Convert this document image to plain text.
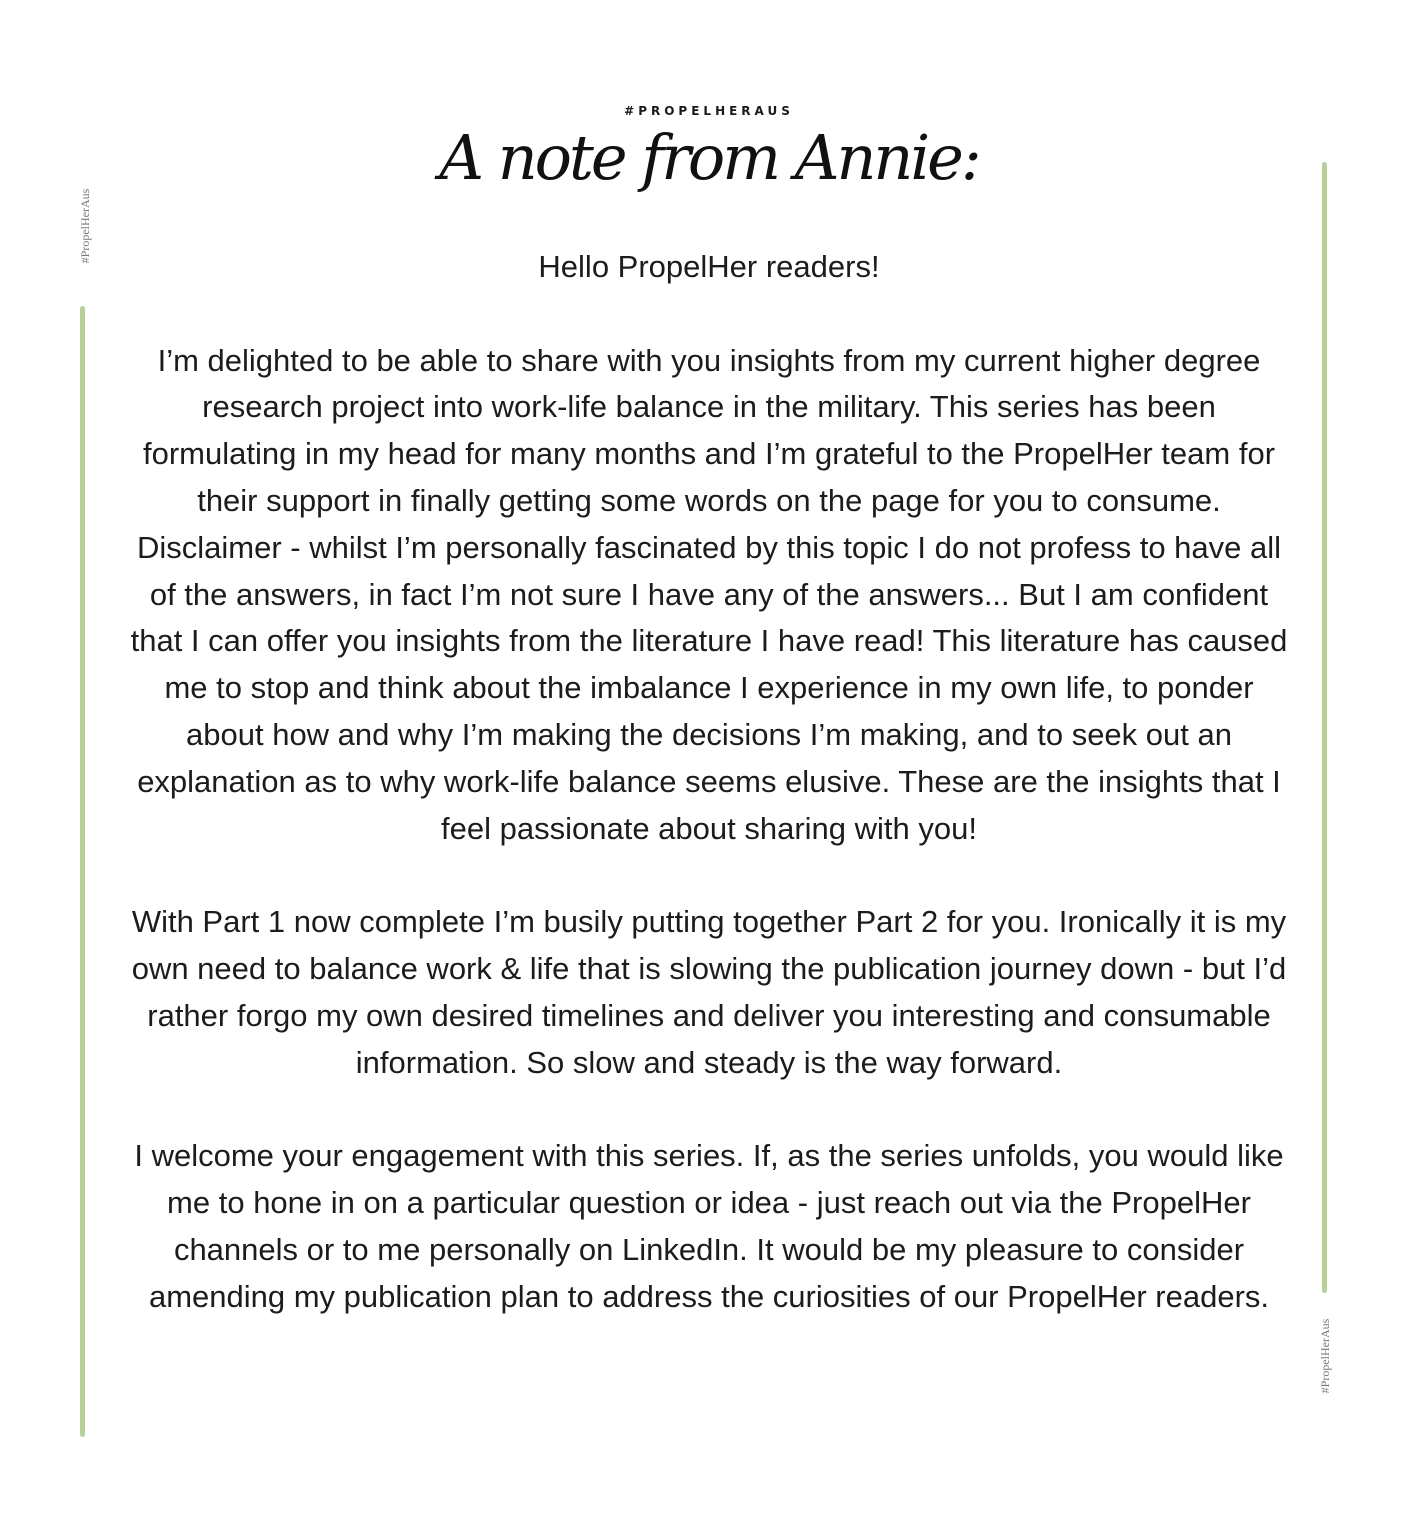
#PROPELHERAUS
A note from Annie:
#PropelHerAus
#PropelHerAus

Hello PropelHer readers!

I’m delighted to be able to share with you insights from my current higher degree research project into work-life balance in the military. This series has been formulating in my head for many months and I’m grateful to the PropelHer team for their support in finally getting some words on the page for you to consume. Disclaimer - whilst I’m personally fascinated by this topic I do not profess to have all of the answers, in fact I’m not sure I have any of the answers... But I am confident that I can offer you insights from the literature I have read! This literature has caused me to stop and think about the imbalance I experience in my own life, to ponder about how and why I’m making the decisions I’m making, and to seek out an explanation as to why work-life balance seems elusive. These are the insights that I feel passionate about sharing with you!

With Part 1 now complete I’m busily putting together Part 2 for you. Ironically it is my own need to balance work & life that is slowing the publication journey down - but I’d rather forgo my own desired timelines and deliver you interesting and consumable information. So slow and steady is the way forward.

I welcome your engagement with this series. If, as the series unfolds, you would like me to hone in on a particular question or idea - just reach out via the PropelHer channels or to me personally on LinkedIn. It would be my pleasure to consider amending my publication plan to address the curiosities of our PropelHer readers.
